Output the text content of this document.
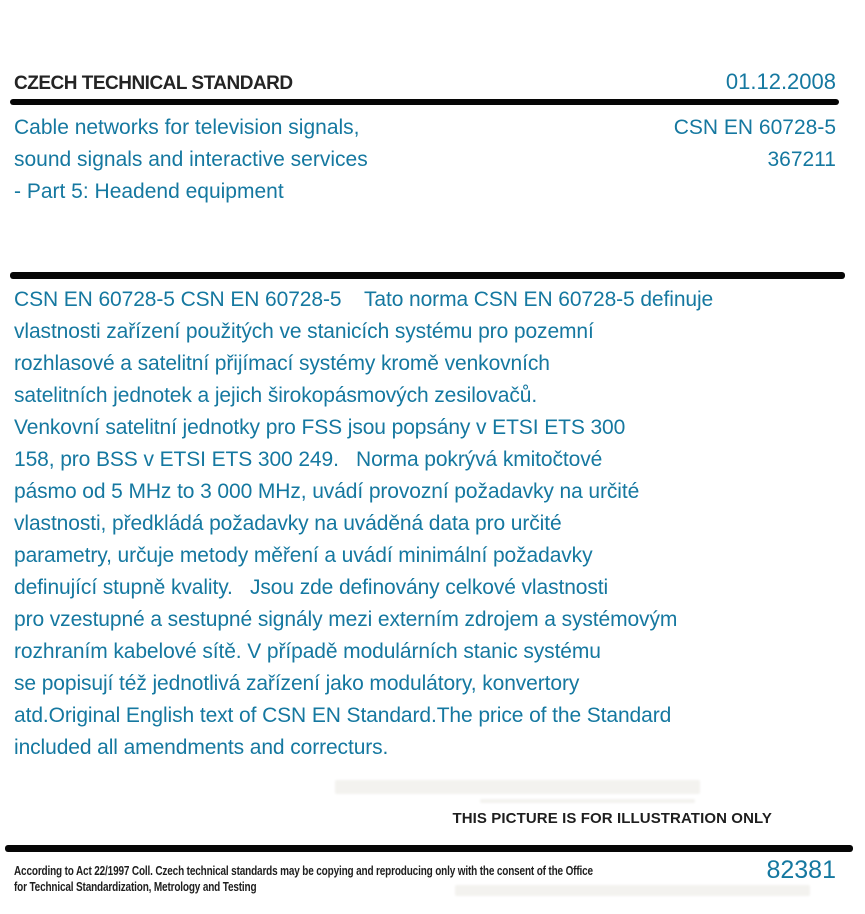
CZECH TECHNICAL STANDARD	01.12.2008
Cable networks for television signals,
sound signals and interactive services
- Part 5: Headend equipment
CSN EN 60728-5
367211
CSN EN 60728-5 CSN EN 60728-5    Tato norma CSN EN 60728-5 definuje
vlastnosti zařízení použitých ve stanicích systému pro pozemní
rozhlasové a satelitní přijímací systémy kromě venkovních
satelitních jednotek a jejich širokopásmových zesilovačů.
Venkovní satelitní jednotky pro FSS jsou popsány v ETSI ETS 300
158, pro BSS v ETSI ETS 300 249.   Norma pokrývá kmitočtové
pásmo od 5 MHz to 3 000 MHz, uvádí provozní požadavky na určité
vlastnosti, předkládá požadavky na uváděná data pro určité
parametry, určuje metody měření a uvádí minimální požadavky
definující stupně kvality.   Jsou zde definovány celkové vlastnosti
pro vzestupné a sestupné signály mezi externím zdrojem a systémovým
rozhraním kabelové sítě. V případě modulárních stanic systému
se popisují též jednotlivá zařízení jako modulátory, konvertory
atd.Original English text of CSN EN Standard.The price of the Standard
included all amendments and correcturs.
THIS PICTURE IS FOR ILLUSTRATION ONLY
According to Act 22/1997 Coll. Czech technical standards may be copying and reproducing only with the consent of the Office
for Technical Standardization, Metrology and Testing
82381
